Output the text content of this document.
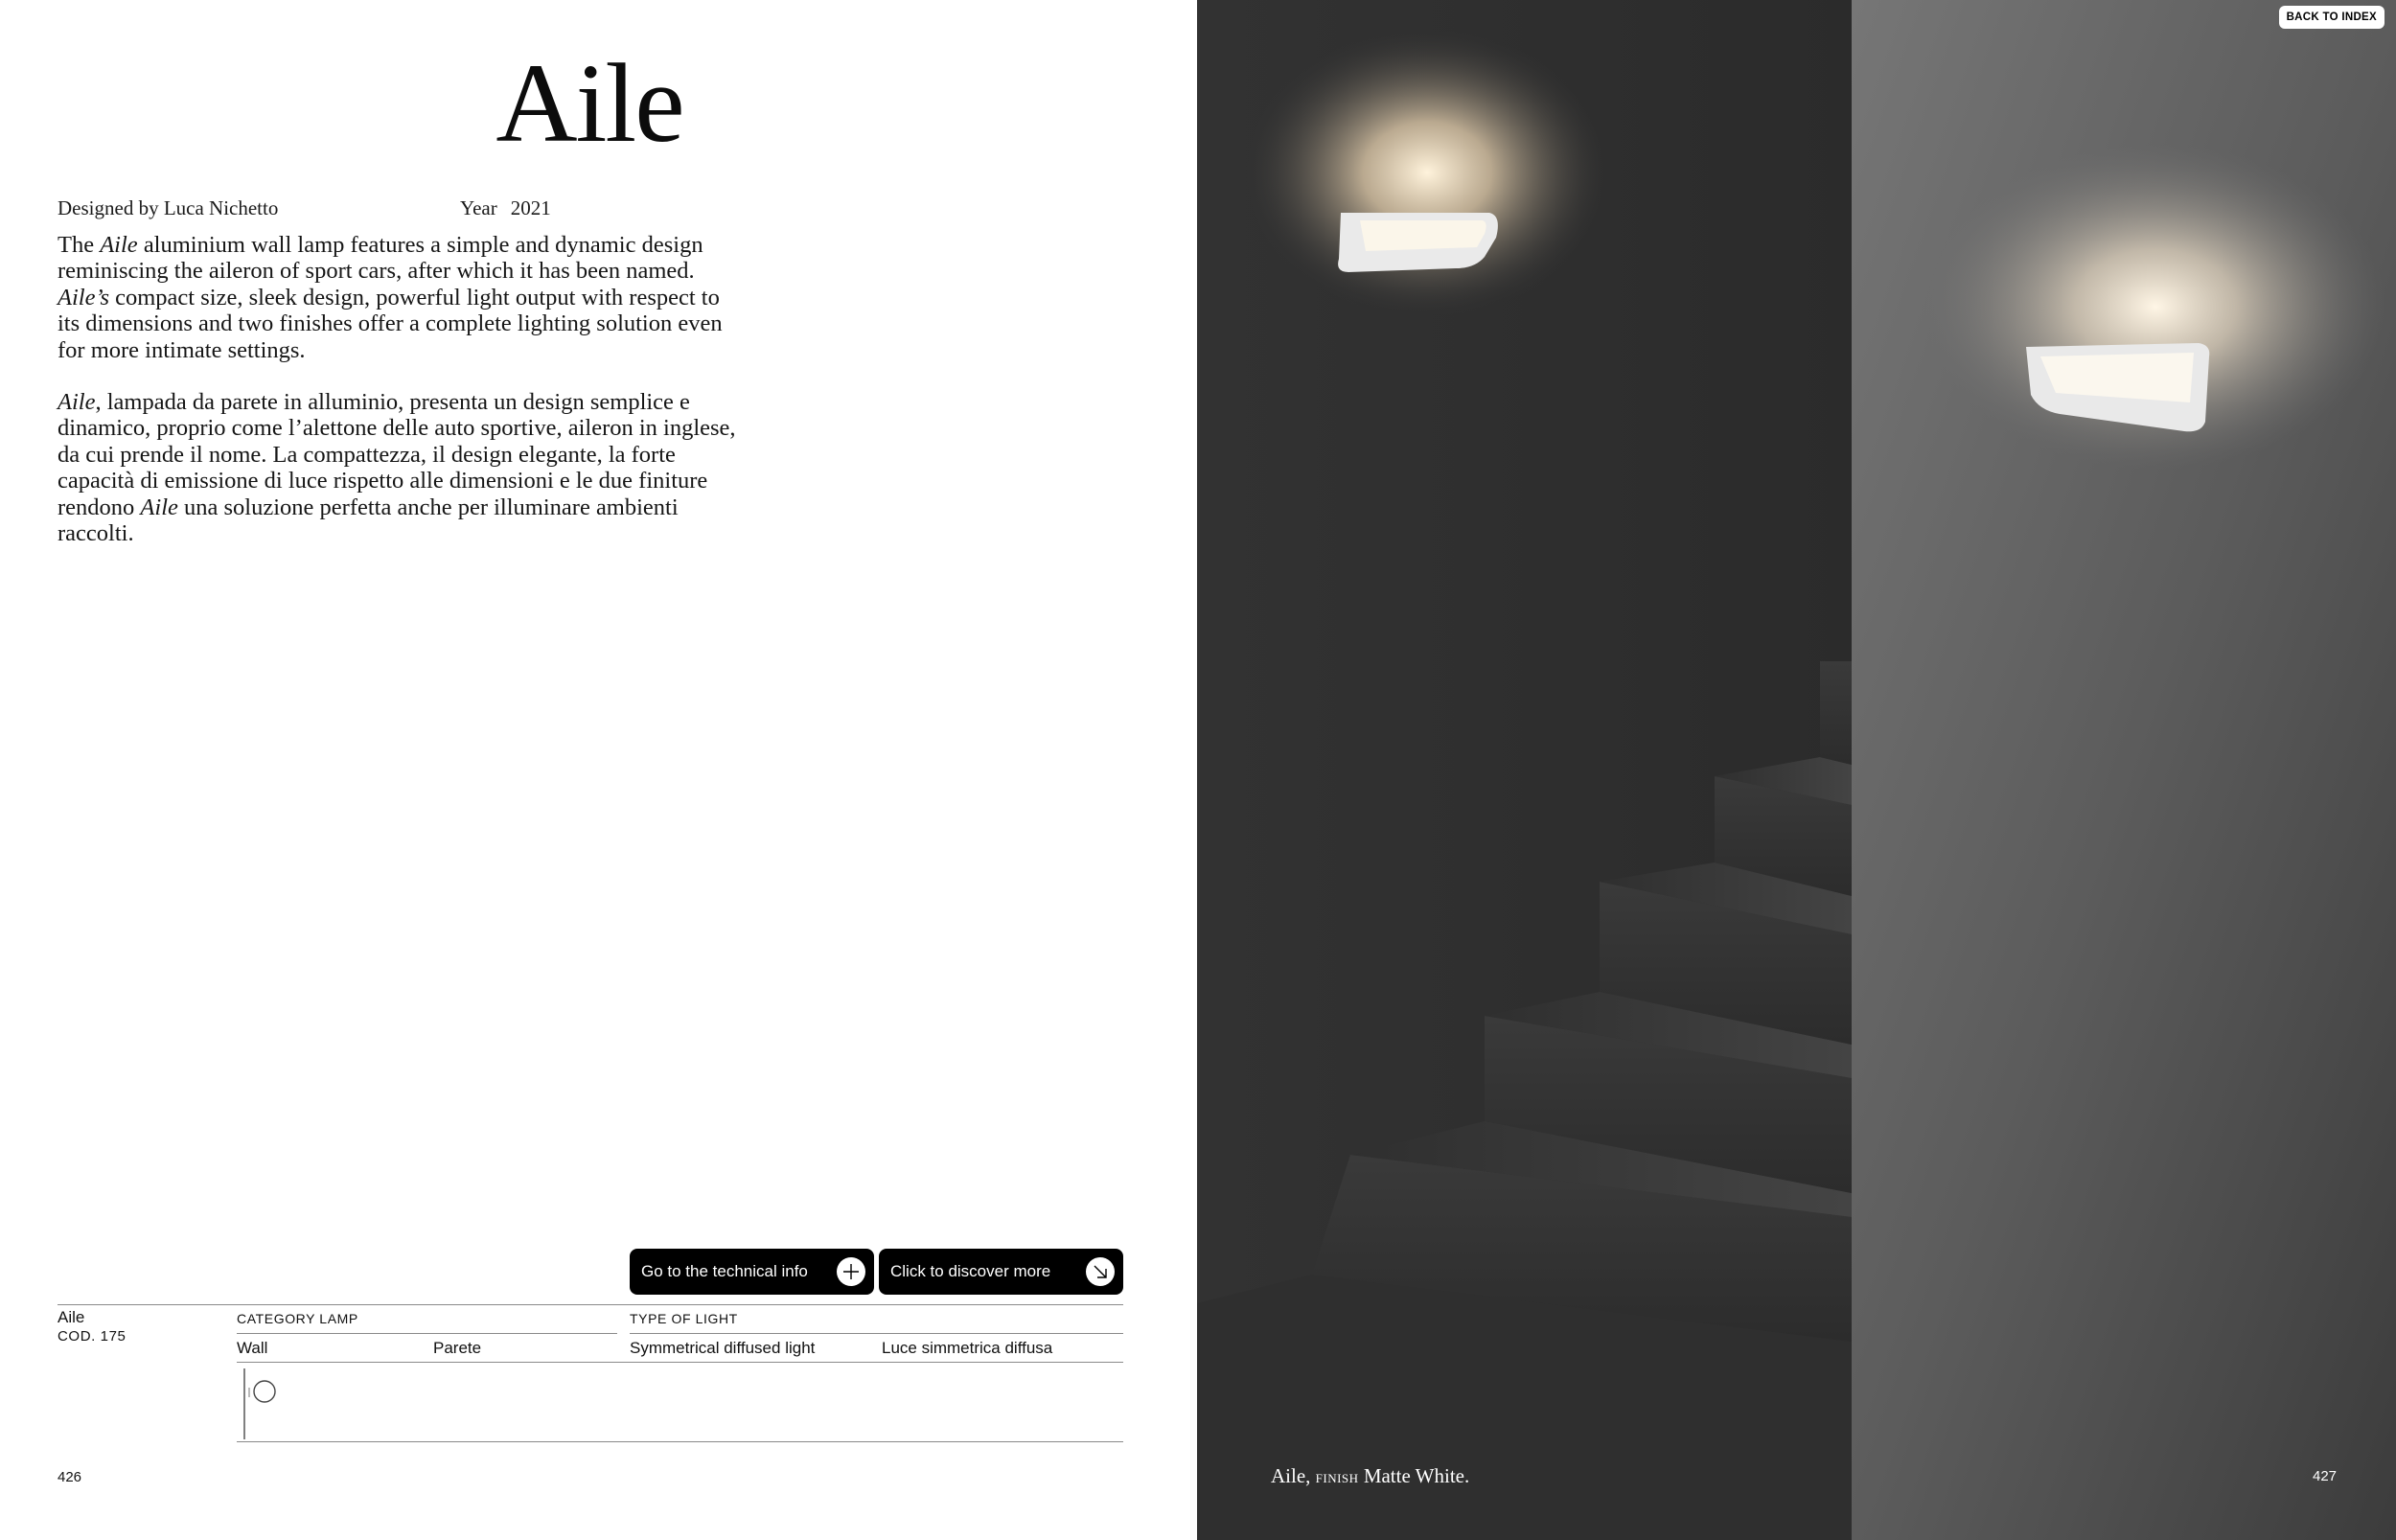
Aile
Designed by Luca Nichetto	Year 2021
The Aile aluminium wall lamp features a simple and dynamic design
reminiscing the aileron of sport cars, after which it has been named.
Aile’s compact size, sleek design, powerful light output with respect to
its dimensions and two finishes offer a complete lighting solution even
for more intimate settings.
Aile, lampada da parete in alluminio, presenta un design semplice e
dinamico, proprio come l’alettone delle auto sportive, aileron in inglese,
da cui prende il nome. La compattezza, il design elegante, la forte
capacità di emissione di luce rispetto alle dimensioni e le due finiture
rendono Aile una soluzione perfetta anche per illuminare ambienti
raccolti.
Go to the technical info	Click to discover more
Aile
COD. 175
CATEGORY LAMP	TYPE OF LIGHT
Wall	Parete	Symmetrical diffused light	Luce simmetrica diffusa
426
BACK TO INDEX
Aile, finish Matte White.	427
